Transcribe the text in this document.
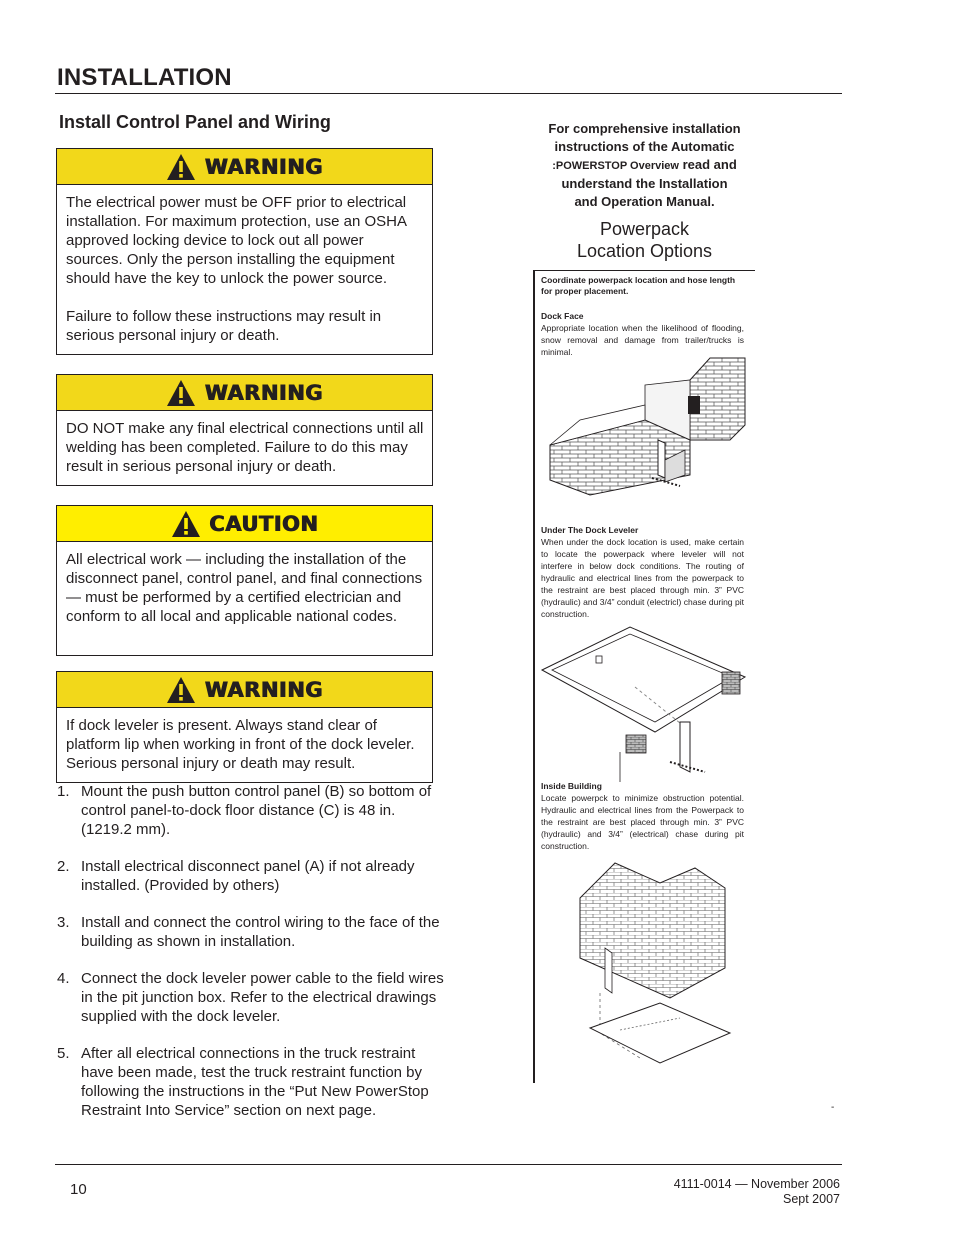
INSTALLATION
Install Control Panel and Wiring
WARNING

The electrical power must be OFF prior to electrical installation. For maximum protection, use an OSHA approved locking device to lock out all power sources. Only the person installing the equipment should have the key to unlock the power source.

Failure to follow these instructions may result in serious personal injury or death.

WARNING

DO NOT make any final electrical connections until all welding has been completed. Failure to do this may result in serious personal injury or death.

CAUTION

All electrical work — including the installation of the disconnect panel, control panel, and final connections — must be performed by a certified electrician and conform to all local and applicable national codes.

WARNING

If dock leveler is present. Always stand clear of platform lip when working in front of the dock leveler. Serious personal injury or death may result.

1. Mount the push button control panel (B) so bottom of control panel-to-dock floor distance (C) is 48 in. (1219.2 mm).
2. Install electrical disconnect panel (A) if not already installed. (Provided by others)
3. Install and connect the control wiring to the face of the building as shown in installation.
4. Connect the dock leveler power cable to the field wires in the pit junction box. Refer to the electrical drawings supplied with the dock leveler.
5. After all electrical connections in the truck restraint have been made, test the truck restraint function by following the instructions in the “Put New PowerStop Restraint Into Service” section on next page.
For comprehensive installation
instructions of the Automatic
:POWERSTOP Overview read and
understand the Installation
and Operation Manual.
Powerpack
Location Options
Coordinate powerpack location and hose length for proper placement.
Dock Face
Appropriate location when the likelihood of flooding, snow removal and damage from trailer/trucks is minimal.
Under The Dock Leveler
When under the dock location is used, make certain to locate the powerpack where leveler will not interfere in below dock conditions. The routing of hydraulic and electrical lines from the powerpack to the restraint are best placed through min. 3” PVC (hydraulic) and 3/4” conduit (electricl) chase during pit construction.
Inside Building
Locate powerpck to minimize obstruction potential. Hydraulic and electrical lines from the Powerpack to the restraint are best placed through min. 3” PVC (hydraulic) and 3/4” (electrical) chase during pit construction.
-
10	4111-0014 — November 2006
Sept 2007
